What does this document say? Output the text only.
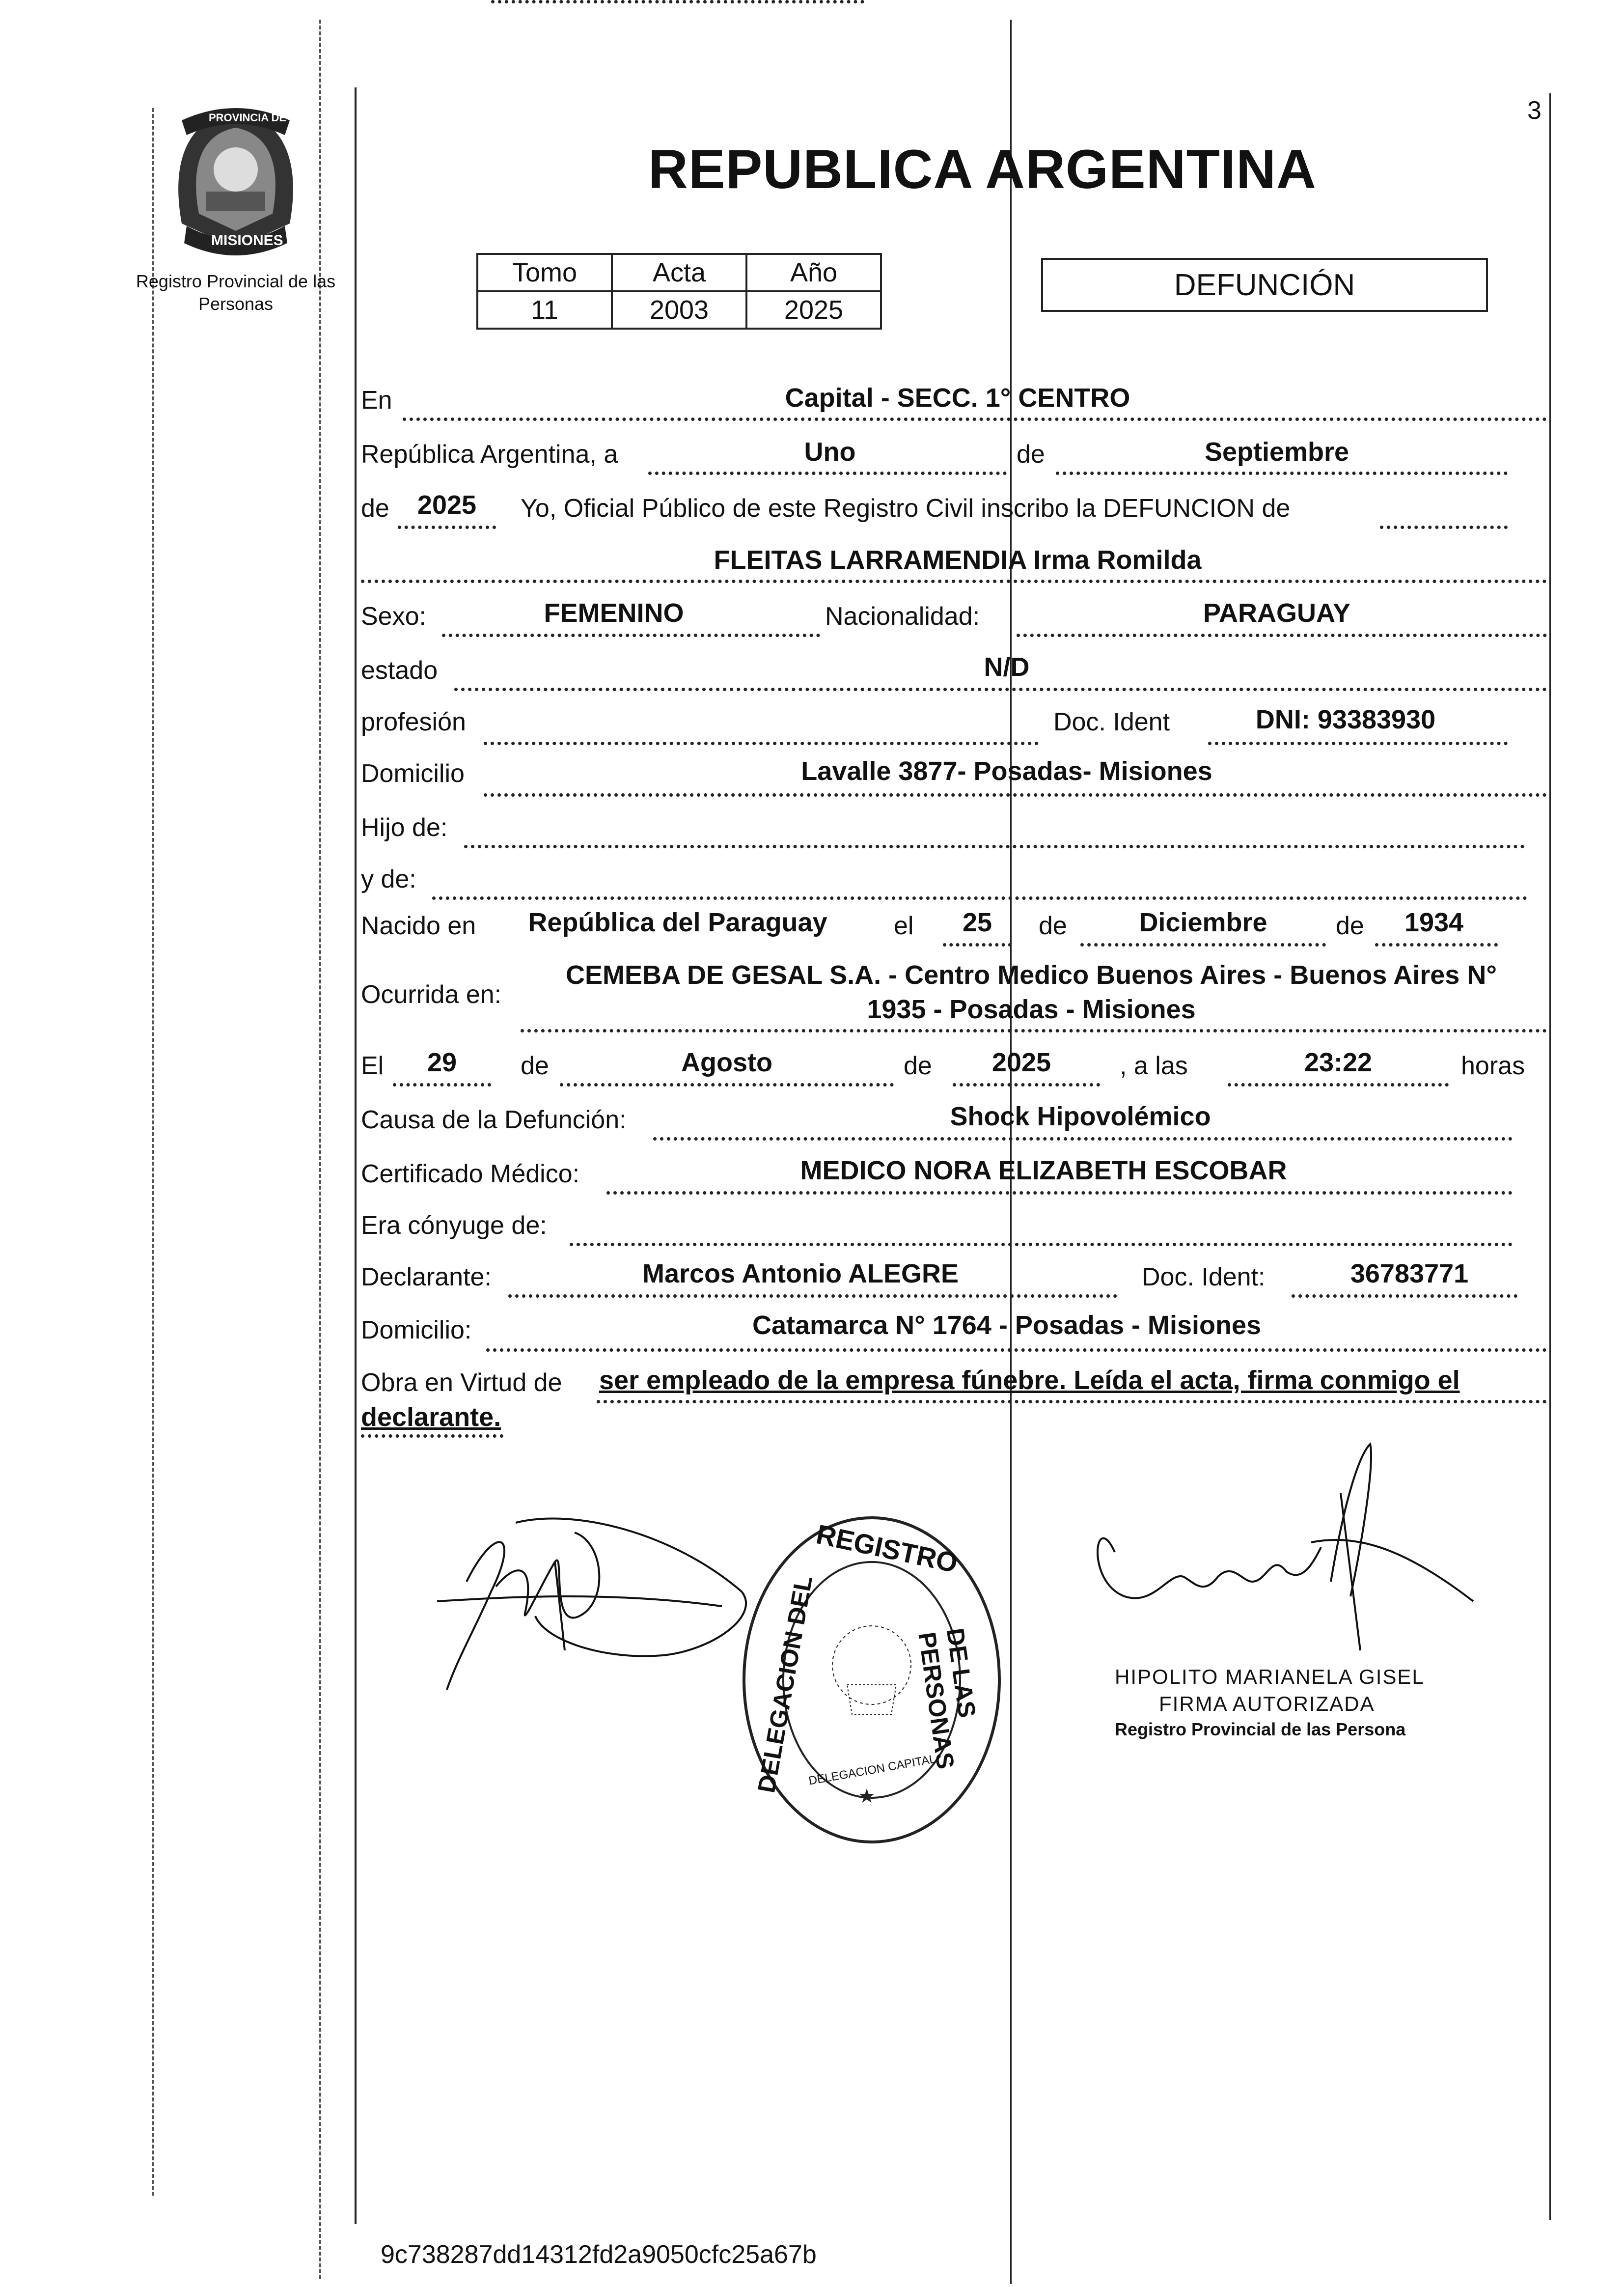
PROVINCIA DE
MISIONES
Registro Provincial de las Personas
3
REPUBLICA ARGENTINA
Tomo	Acta	Año
11	2003	2025
DEFUNCIÓN
En	Capital - SECC. 1° CENTRO
República Argentina, a	Uno	de	Septiembre
de	2025	Yo, Oficial Público de este Registro Civil inscribo la DEFUNCION de
FLEITAS LARRAMENDIA Irma Romilda
Sexo:	FEMENINO	Nacionalidad:	PARAGUAY
estado	N/D
profesión	Doc. Ident	DNI: 93383930
Domicilio	Lavalle 3877- Posadas- Misiones
Hijo de:
y de:
Nacido en	República del Paraguay	el	25	de	Diciembre	de	1934
Ocurrida en:
CEMEBA DE GESAL S.A. - Centro Medico Buenos Aires - Buenos Aires N°
1935 - Posadas - Misiones
El	29	de	Agosto	de	2025	, a las	23:22	horas
Causa de la Defunción:	Shock Hipovolémico
Certificado Médico:	MEDICO NORA ELIZABETH ESCOBAR
Era cónyuge de:
Declarante:	Marcos Antonio ALEGRE	Doc. Ident:	36783771
Domicilio:	Catamarca N° 1764 - Posadas - Misiones
Obra en Virtud de ser empleado de la empresa fúnebre. Leída el acta, firma conmigo el
declarante.
★
REGISTRO
DELEGACION DEL	DE LAS PERSONAS
DELEGACION CAPITAL
HIPOLITO MARIANELA GISEL
FIRMA AUTORIZADA
Registro Provincial de las Persona
9c738287dd14312fd2a9050cfc25a67b
